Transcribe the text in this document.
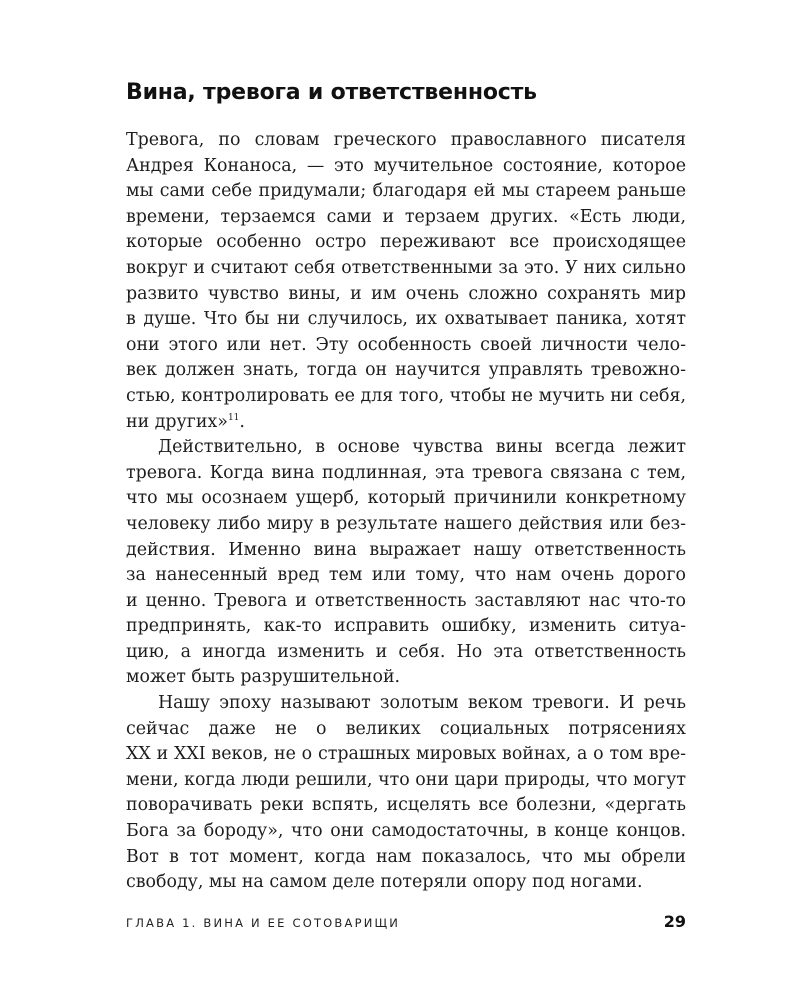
Вина, тревога и ответственность
Тревога, по словам греческого православного писателя
Андрея Конаноса, — это мучительное состояние, которое
мы сами себе придумали; благодаря ей мы стареем раньше
времени, терзаемся сами и терзаем других. «Есть люди,
которые особенно остро переживают все происходящее
вокруг и считают себя ответственными за это. У них сильно
развито чувство вины, и им очень сложно сохранять мир
в душе. Что бы ни случилось, их охватывает паника, хотят
они этого или нет. Эту особенность своей личности чело-
век должен знать, тогда он научится управлять тревожно-
стью, контролировать ее для того, чтобы не мучить ни себя,
ни других»$^{11}$.
Действительно, в основе чувства вины всегда лежит
тревога. Когда вина подлинная, эта тревога связана с тем,
что мы осознаем ущерб, который причинили конкретному
человеку либо миру в результате нашего действия или без-
действия. Именно вина выражает нашу ответственность
за нанесенный вред тем или тому, что нам очень дорого
и ценно. Тревога и ответственность заставляют нас что-то
предпринять, как-то исправить ошибку, изменить ситуа-
цию, а иногда изменить и себя. Но эта ответственность
может быть разрушительной.
Нашу эпоху называют золотым веком тревоги. И речь
сейчас даже не о великих социальных потрясениях
XX и XXI веков, не о страшных мировых войнах, а о том вре-
мени, когда люди решили, что они цари природы, что могут
поворачивать реки вспять, исцелять все болезни, «дергать
Бога за бороду», что они самодостаточны, в конце концов.
Вот в тот момент, когда нам показалось, что мы обрели
свободу, мы на самом деле потеряли опору под ногами.
ГЛАВА 1. ВИНА И ЕЕ СОТОВАРИЩИ	29
